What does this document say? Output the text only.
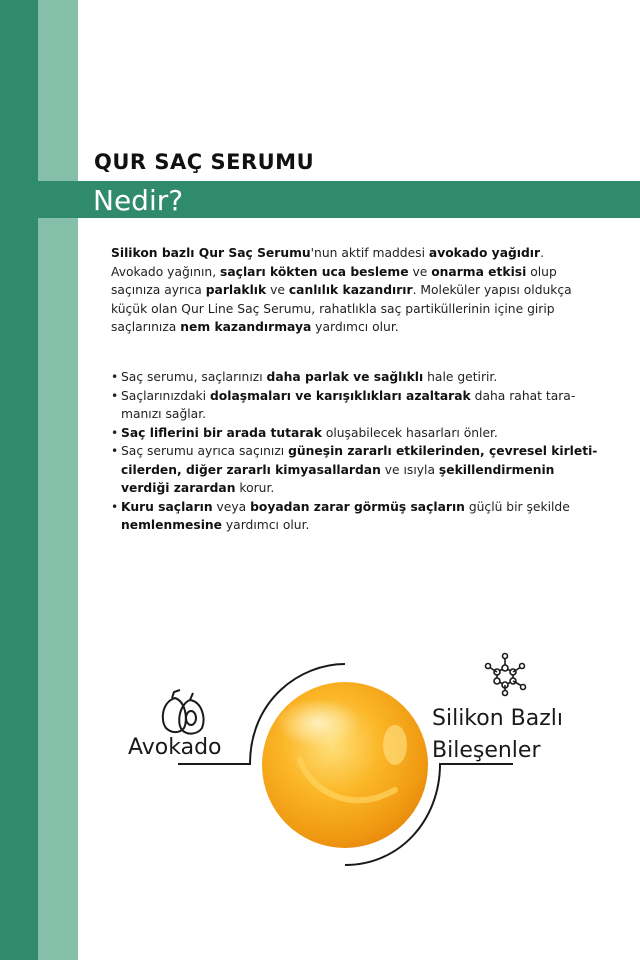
QUR SAÇ SERUMU
Nedir?

Silikon bazlı Qur Saç Serumu'nun aktif maddesi avokado yağıdır. Avokado yağının, saçları kökten uca besleme ve onarma etkisi olup saçınıza ayrıca parlaklık ve canlılık kazandırır. Moleküler yapısı oldukça küçük olan Qur Line Saç Serumu, rahatlıkla saç partiküllerinin içine girip saçlarınıza nem kazandırmaya yardımcı olur.

• Saç serumu, saçlarınızı daha parlak ve sağlıklı hale getirir.
• Saçlarınızdaki dolaşmaları ve karışıklıkları azaltarak daha rahat tara-manızı sağlar.
• Saç liflerini bir arada tutarak oluşabilecek hasarları önler.
• Saç serumu ayrıca saçınızı güneşin zararlı etkilerinden, çevresel kirleti-cilerden, diğer zararlı kimyasallardan ve ısıyla şekillendirmenin verdiği zarardan korur.
• Kuru saçların veya boyadan zarar görmüş saçların güçlü bir şekilde nemlenmesine yardımcı olur.
Avokado
Silikon Bazlı
Bileşenler
